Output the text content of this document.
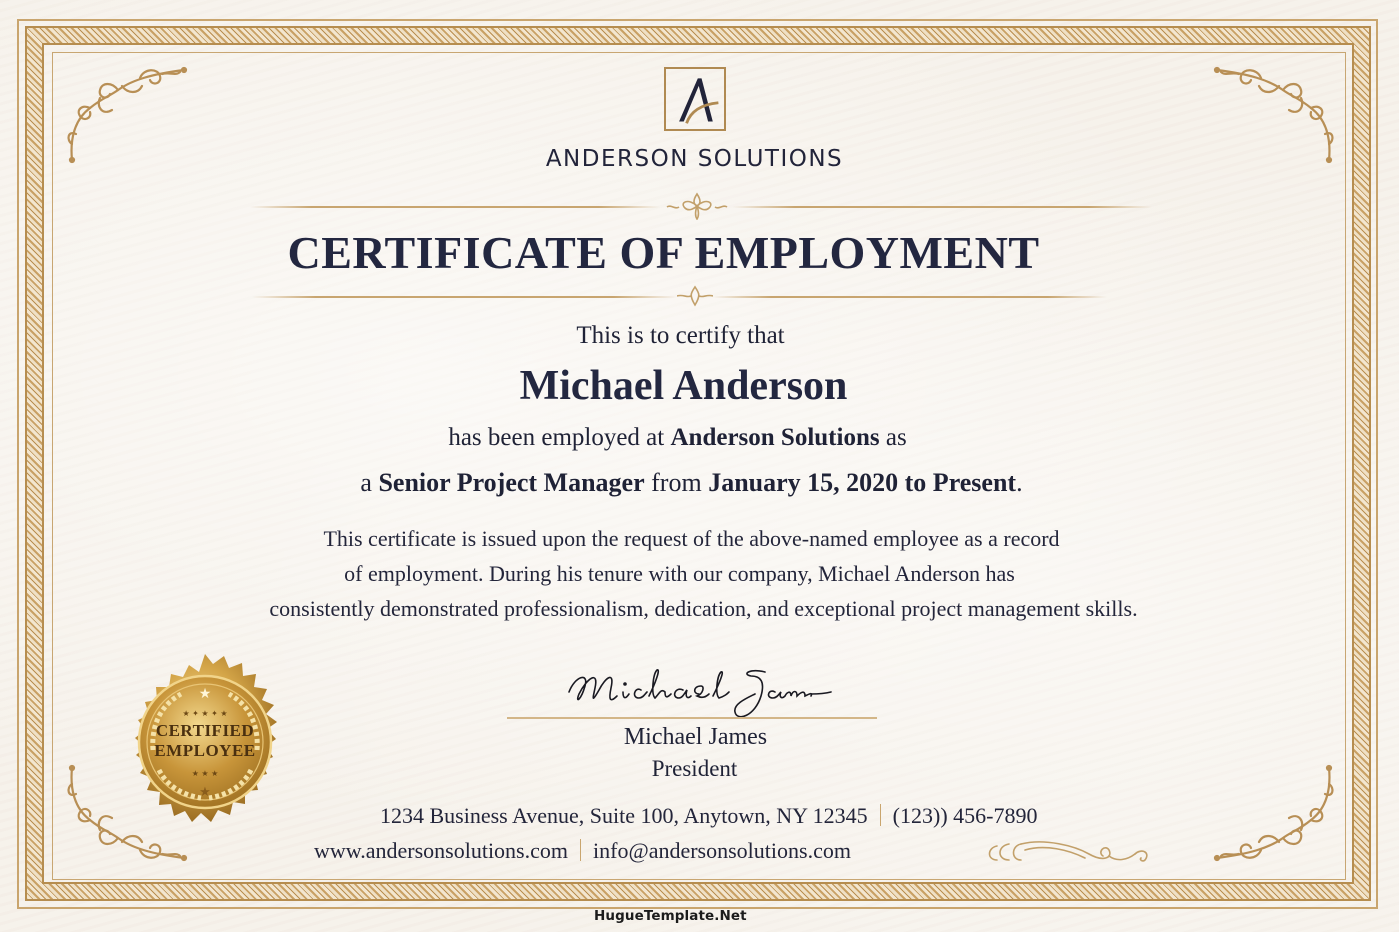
ANDERSON SOLUTIONS
CERTIFICATE OF EMPLOYMENT
This is to certify that
Michael Anderson
has been employed at Anderson Solutions as
a Senior Project Manager from January 15, 2020 to Present.
This certificate is issued upon the request of the above-named employee as a record
of employment. During his tenure with our company, Michael Anderson has
consistently demonstrated professionalism, dedication, and exceptional project management skills.
★
★ ✦ ★ ✦ ★
★ ★ ★
★
CERTIFIED
EMPLOYEE
Michael James
President
1234 Business Avenue, Suite 100, Anytown, NY 12345 (123)) 456-7890
www.andersonsolutions.com info@andersonsolutions.com
HugueTemplate.Net
